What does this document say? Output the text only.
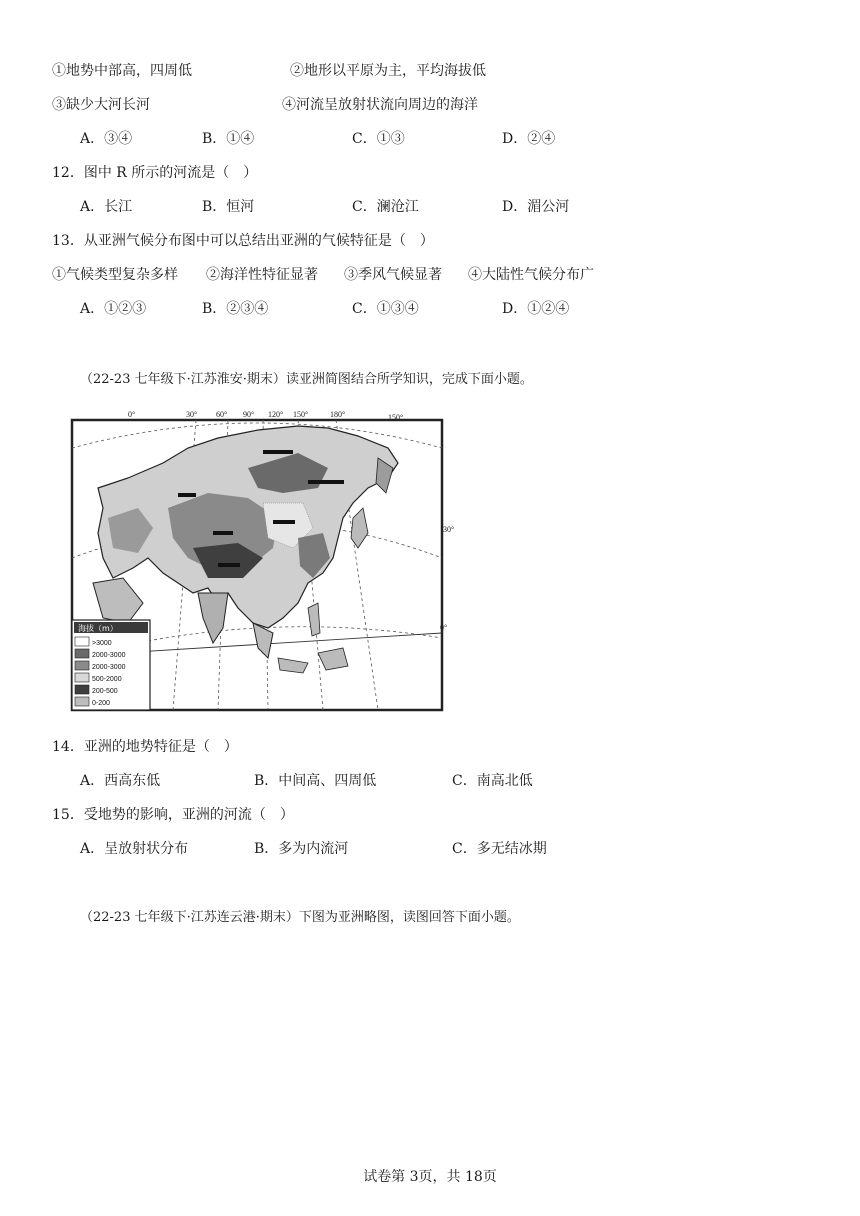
①地势中部高，四周低	②地形以平原为主，平均海拔低
③缺少大河长河	④河流呈放射状流向周边的海洋
A．③④	B．①④	C．①③	D．②④
12．图中 R 所示的河流是（　）
A．长江	B．恒河	C．澜沧江	D．湄公河
13．从亚洲气候分布图中可以总结出亚洲的气候特征是（　）
①气候类型复杂多样 ②海洋性特征显著 ③季风气候显著 ④大陆性气候分布广
A．①②③	B．②③④	C．①③④	D．①②④
（22-23 七年级下·江苏淮安·期末）读亚洲简图结合所学知识，完成下面小题。
0°	30° 60° 90° 120° 150°	180°	150°
30°
0°
海拔（m）
>3000
2000-3000
2000-3000
500-2000
200-500
0-200
14．亚洲的地势特征是（　）
A．西高东低	B．中间高、四周低	C．南高北低
15．受地势的影响，亚洲的河流（　）
A．呈放射状分布	B．多为内流河	C．多无结冰期
（22-23 七年级下·江苏连云港·期末）下图为亚洲略图，读图回答下面小题。
试卷第 3页，共 18页
